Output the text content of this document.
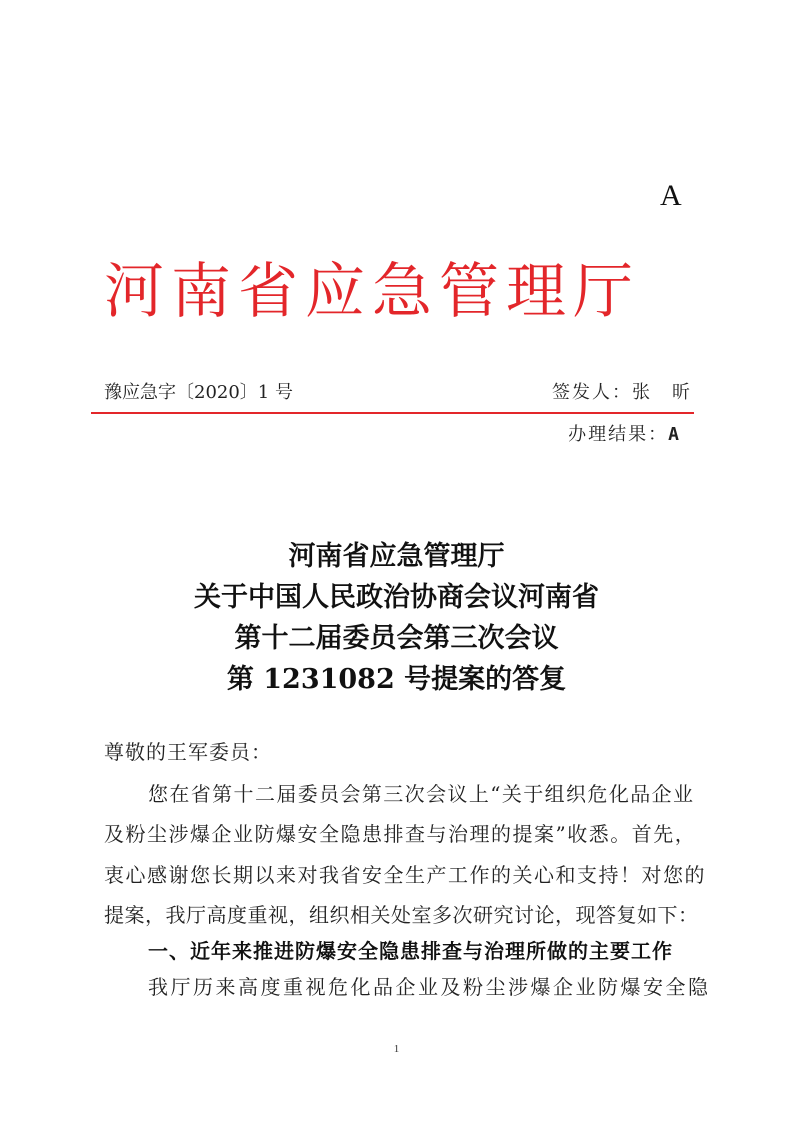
A
河南省应急管理厅
豫应急字〔2020〕1 号	签发人：张　昕
办理结果：A
河南省应急管理厅
关于中国人民政治协商会议河南省
第十二届委员会第三次会议
第 1231082 号提案的答复
尊敬的王军委员：
您在省第十二届委员会第三次会议上“关于组织危化品企业
及粉尘涉爆企业防爆安全隐患排查与治理的提案”收悉。首先，
衷心感谢您长期以来对我省安全生产工作的关心和支持！对您的
提案，我厅高度重视，组织相关处室多次研究讨论，现答复如下：
一、近年来推进防爆安全隐患排查与治理所做的主要工作
我厅历来高度重视危化品企业及粉尘涉爆企业防爆安全隐
1
